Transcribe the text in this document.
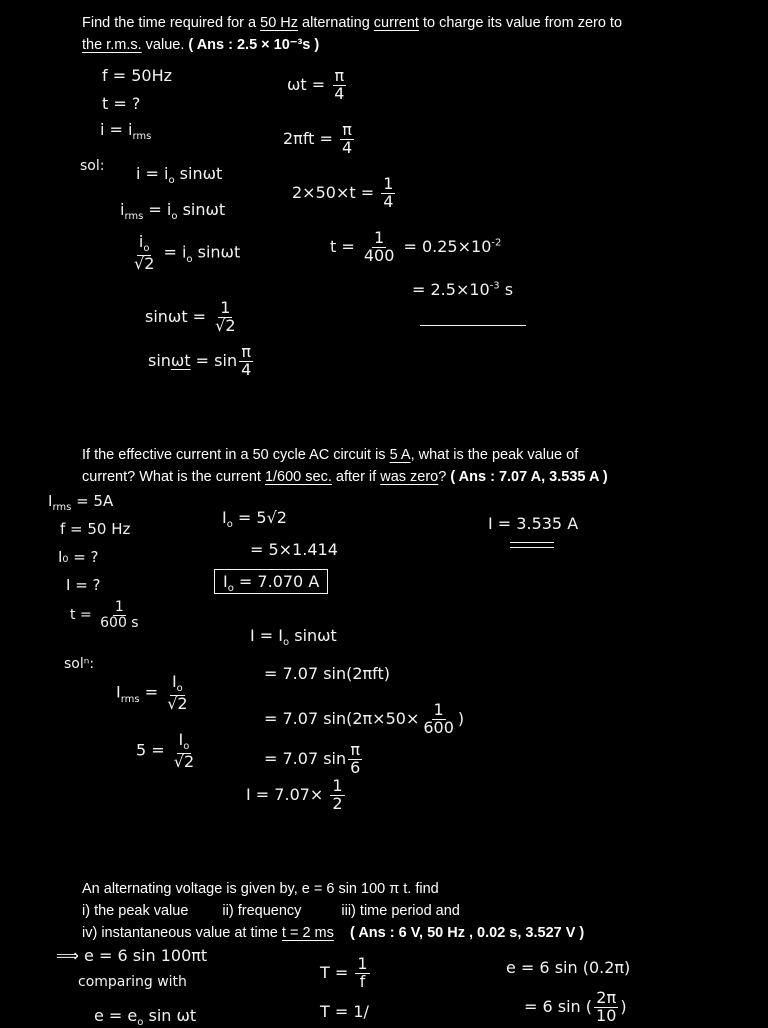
Find the time required for a 50 Hz alternating current to charge its value from zero to
the r.m.s. value. ( Ans : 2.5 × 10⁻³s )
f = 50Hz
t = ?
$i = i_{rms}$
sol: $i = i_o$ sinωt
$i_{rms} = i_o$ sinωt
$\frac{i_o}{√2} = i_o$ sinωt
$\sin\omega t = \frac{1}{√2}$
$\sin\omega t = \sin \frac{\pi}{4}$
$\omega t = \frac{\pi}{4}$
$2\pi ft = \frac{\pi}{4}$
$2\times 50\times t = \frac{1}{4}$
$t = \frac{1}{400} = 0.25\times 10^{-2}$
= $2.5\times 10^{-3}$ s
If the effective current in a 50 cycle AC circuit is 5 A, what is the peak value of
current? What is the current 1/600 sec. after if was zero? ( Ans : 7.07 A, 3.535 A )
$I_{rms} = 5A$
f = 50 Hz
I₀ = ?
I = ?
$t = \frac{1}{600 s}$
solⁿ:
$I_{rms} = \frac{I_o}{√2}$
$5 = \frac{I_o}{√2}$
$I_o = 5√2$
= 5×1.414
$I_o = 7.070$ A
$I = I_o$ sinωt
= 7.07 sin(2πft)
= 7.07 $\sin(2\pi\times 50\times \frac{1}{600}$ )
= 7.07 $\sin \frac{\pi}{6}$
$I = 7.07\times \frac{1}{2}$
I = 3.535 A
An alternating voltage is given by, e = 6 sin 100 π t. find
i) the peak value ii) frequency	iii) time period and
iv) instantaneous value at time t = 2 ms ( Ans : 6 V, 50 Hz , 0.02 s, 3.527 V )
⟹ e = 6 sin 100πt
comparing with
$e = e_o$ sin ωt
$T = \frac{1}{f}$
T = 1/
e = 6 sin (0.2π)
= 6 sin ( $\frac{2\pi}{10}$ )
